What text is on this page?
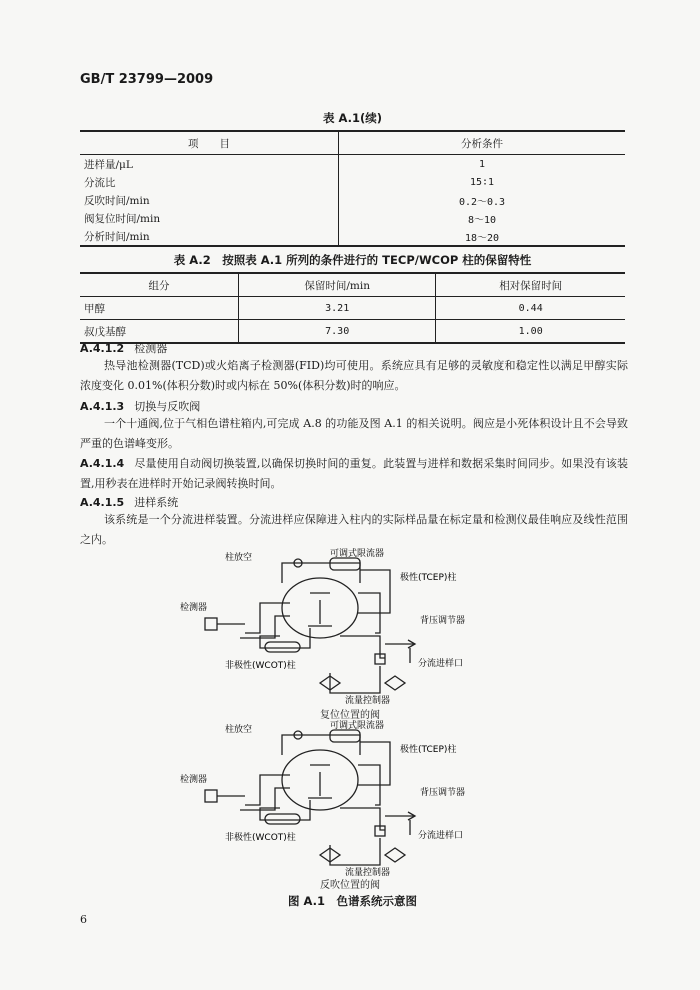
GB/T 23799—2009
表 A.1(续)
项　　目	分析条件
进样量/μL	1
分流比	15∶1
反吹时间/min	0.2～0.3
阀复位时间/min	8～10
分析时间/min	18～20
表 A.2　按照表 A.1 所列的条件进行的 TECP/WCOP 柱的保留特性
组分	保留时间/min	相对保留时间
甲醇	3.21	0.44
叔戊基醇	7.30	1.00
A.4.1.2 检测器
热导池检测器(TCD)或火焰离子检测器(FID)均可使用。系统应具有足够的灵敏度和稳定性以满足甲醇实际浓度变化 0.01%(体积分数)时或内标在 50%(体积分数)时的响应。
A.4.1.3 切换与反吹阀
一个十通阀,位于气相色谱柱箱内,可完成 A.8 的功能及图 A.1 的相关说明。阀应是小死体积设计且不会导致严重的色谱峰变形。
A.4.1.4 尽量使用自动阀切换装置,以确保切换时间的重复。此装置与进样和数据采集时间同步。如果没有该装置,用秒表在进样时开始记录阀转换时间。
A.4.1.5 进样系统
该系统是一个分流进样装置。分流进样应保障进入柱内的实际样品量在标定量和检测仪最佳响应及线性范围之内。
柱放空	可调式限流器
极性(TCEP)柱
检测器
背压调节器
非极性(WCOT)柱	分流进样口
流量控制器
复位位置的阀
柱放空	可调式限流器
极性(TCEP)柱
检测器
背压调节器
非极性(WCOT)柱	分流进样口
流量控制器
反吹位置的阀
图 A.1　色谱系统示意图
6
